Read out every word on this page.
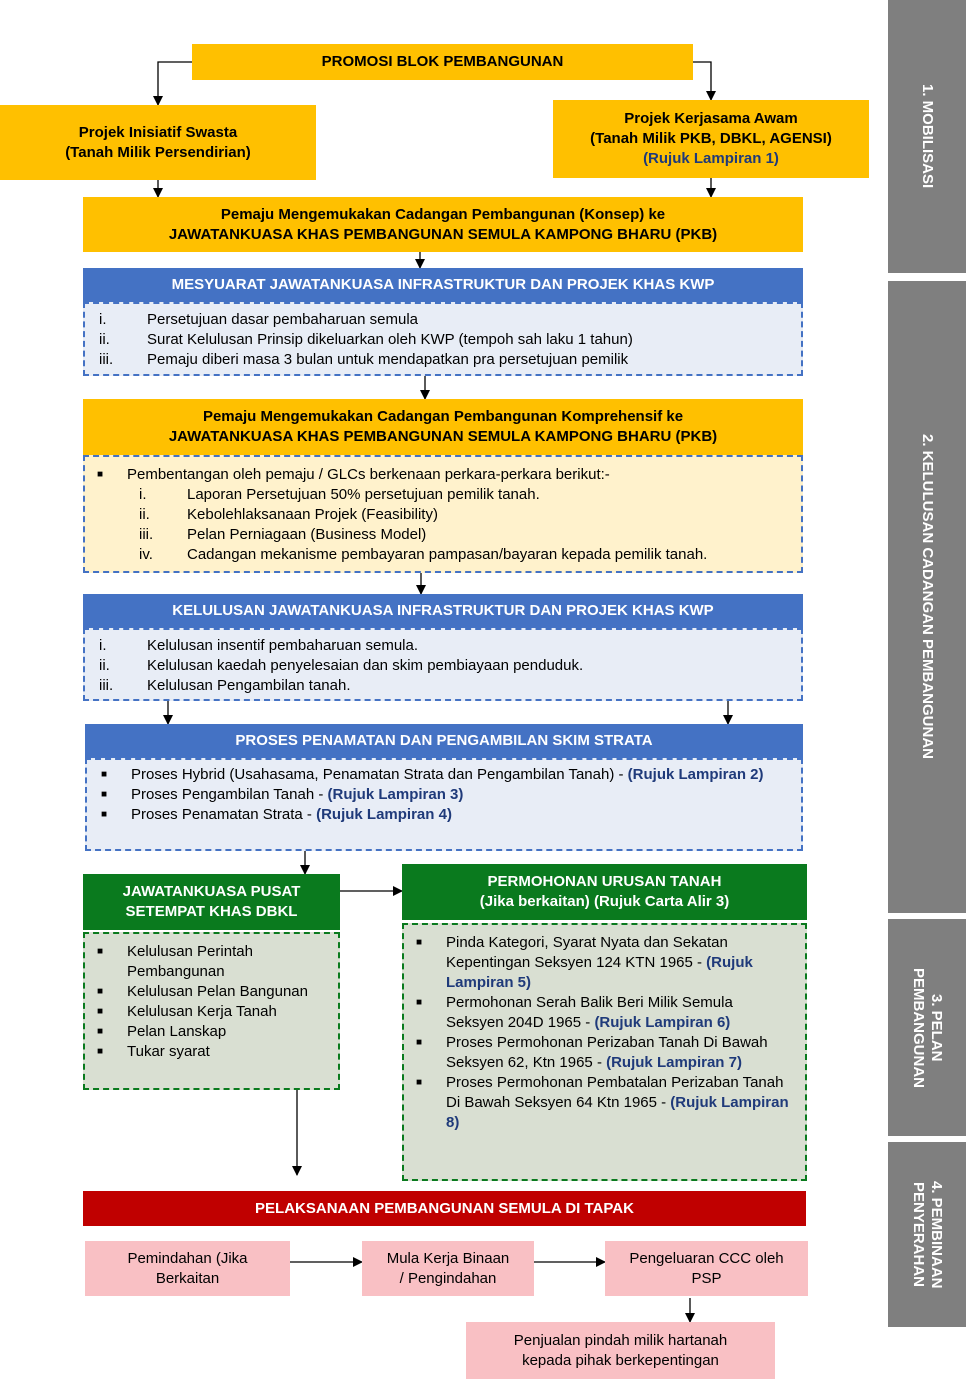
PROMOSI BLOK PEMBANGUNAN
Projek Inisiatif Swasta
(Tanah Milik Persendirian)
Projek Kerjasama Awam
(Tanah Milik PKB, DBKL, AGENSI)
(Rujuk Lampiran 1)
Pemaju Mengemukakan Cadangan Pembangunan (Konsep) ke
JAWATANKUASA KHAS PEMBANGUNAN SEMULA KAMPONG BHARU (PKB)
MESYUARAT JAWATANKUASA INFRASTRUKTUR DAN PROJEK KHAS KWP
i.	Persetujuan dasar pembaharuan semula
ii.	Surat Kelulusan Prinsip dikeluarkan oleh KWP (tempoh sah laku 1 tahun)
iii.	Pemaju diberi masa 3 bulan untuk mendapatkan pra persetujuan pemilik
Pemaju Mengemukakan Cadangan Pembangunan Komprehensif ke
JAWATANKUASA KHAS PEMBANGUNAN SEMULA KAMPONG BHARU (PKB)
■	Pembentangan oleh pemaju / GLCs berkenaan perkara-perkara berikut:-
i.	Laporan Persetujuan 50% persetujuan pemilik tanah.
ii.	Kebolehlaksanaan Projek (Feasibility)
iii.	Pelan Perniagaan (Business Model)
iv.	Cadangan mekanisme pembayaran pampasan/bayaran kepada pemilik tanah.
KELULUSAN JAWATANKUASA INFRASTRUKTUR DAN PROJEK KHAS KWP
i.	Kelulusan insentif pembaharuan semula.
ii.	Kelulusan kaedah penyelesaian dan skim pembiayaan penduduk.
iii.	Kelulusan Pengambilan tanah.
PROSES PENAMATAN DAN PENGAMBILAN SKIM STRATA
■	Proses Hybrid (Usahasama, Penamatan Strata dan Pengambilan Tanah) - (Rujuk Lampiran 2)
■	Proses Pengambilan Tanah - (Rujuk Lampiran 3)
■	Proses Penamatan Strata - (Rujuk Lampiran 4)
JAWATANKUASA PUSAT
SETEMPAT KHAS DBKL
■	Kelulusan Perintah Pembangunan
■	Kelulusan Pelan Bangunan
■	Kelulusan Kerja Tanah
■	Pelan Lanskap
■	Tukar syarat
PERMOHONAN URUSAN TANAH
(Jika berkaitan) (Rujuk Carta Alir 3)
■	Pinda Kategori, Syarat Nyata dan Sekatan Kepentingan Seksyen 124 KTN 1965 - (Rujuk Lampiran 5)
■	Permohonan Serah Balik Beri Milik Semula Seksyen 204D 1965 - (Rujuk Lampiran 6)
■	Proses Permohonan Perizaban Tanah Di Bawah Seksyen 62, Ktn 1965 - (Rujuk Lampiran 7)
■	Proses Permohonan Pembatalan Perizaban Tanah Di Bawah Seksyen 64 Ktn 1965 - (Rujuk Lampiran 8)
PELAKSANAAN PEMBANGUNAN SEMULA DI TAPAK
Pemindahan (Jika
Berkaitan
Mula Kerja Binaan
/ Pengindahan
Pengeluaran CCC oleh
PSP
Penjualan pindah milik hartanah
kepada pihak berkepentingan
1. MOBILISASI
2. KELULUSAN CADANGAN PEMBANGUNAN
3. PELAN
PEMBANGUNAN
4. PEMBINAAN
PENYERAHAN
